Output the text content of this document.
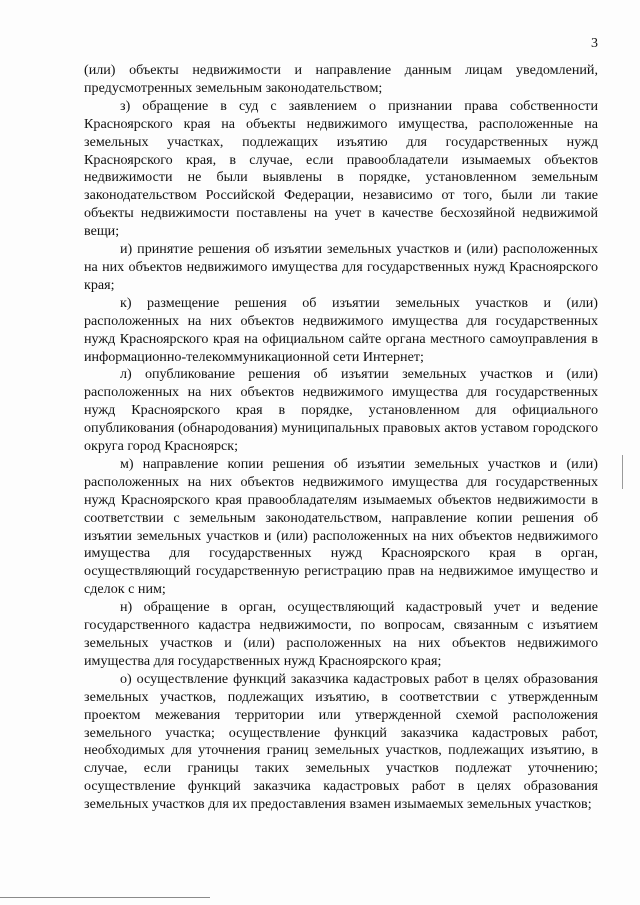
3

(или) объекты недвижимости и направление данным лицам уведомлений, предусмотренных земельным законодательством;

з) обращение в суд с заявлением о признании права собственности Красноярского края на объекты недвижимого имущества, расположенные на земельных участках, подлежащих изъятию для государственных нужд Красноярского края, в случае, если правообладатели изымаемых объектов недвижимости не были выявлены в порядке, установленном земельным законодательством Российской Федерации, независимо от того, были ли такие объекты недвижимости поставлены на учет в качестве бесхозяйной недвижимой вещи;

и) принятие решения об изъятии земельных участков и (или) расположенных на них объектов недвижимого имущества для государственных нужд Красноярского края;

к) размещение решения об изъятии земельных участков и (или) расположенных на них объектов недвижимого имущества для государственных нужд Красноярского края на официальном сайте органа местного самоуправления в информационно-телекоммуникационной сети Интернет;

л) опубликование решения об изъятии земельных участков и (или) расположенных на них объектов недвижимого имущества для государственных нужд Красноярского края в порядке, установленном для официального опубликования (обнародования) муниципальных правовых актов уставом городского округа город Красноярск;

м) направление копии решения об изъятии земельных участков и (или) расположенных на них объектов недвижимого имущества для государственных нужд Красноярского края правообладателям изымаемых объектов недвижимости в соответствии с земельным законодательством, направление копии решения об изъятии земельных участков и (или) расположенных на них объектов недвижимого имущества для государственных нужд Красноярского края в орган, осуществляющий государственную регистрацию прав на недвижимое имущество и сделок с ним;

н) обращение в орган, осуществляющий кадастровый учет и ведение государственного кадастра недвижимости, по вопросам, связанным с изъятием земельных участков и (или) расположенных на них объектов недвижимого имущества для государственных нужд Красноярского края;

о) осуществление функций заказчика кадастровых работ в целях образования земельных участков, подлежащих изъятию, в соответствии с утвержденным проектом межевания территории или утвержденной схемой расположения земельного участка; осуществление функций заказчика кадастровых работ, необходимых для уточнения границ земельных участков, подлежащих изъятию, в случае, если границы таких земельных участков подлежат уточнению; осуществление функций заказчика кадастровых работ в целях образования земельных участков для их предоставления взамен изымаемых земельных участков;
